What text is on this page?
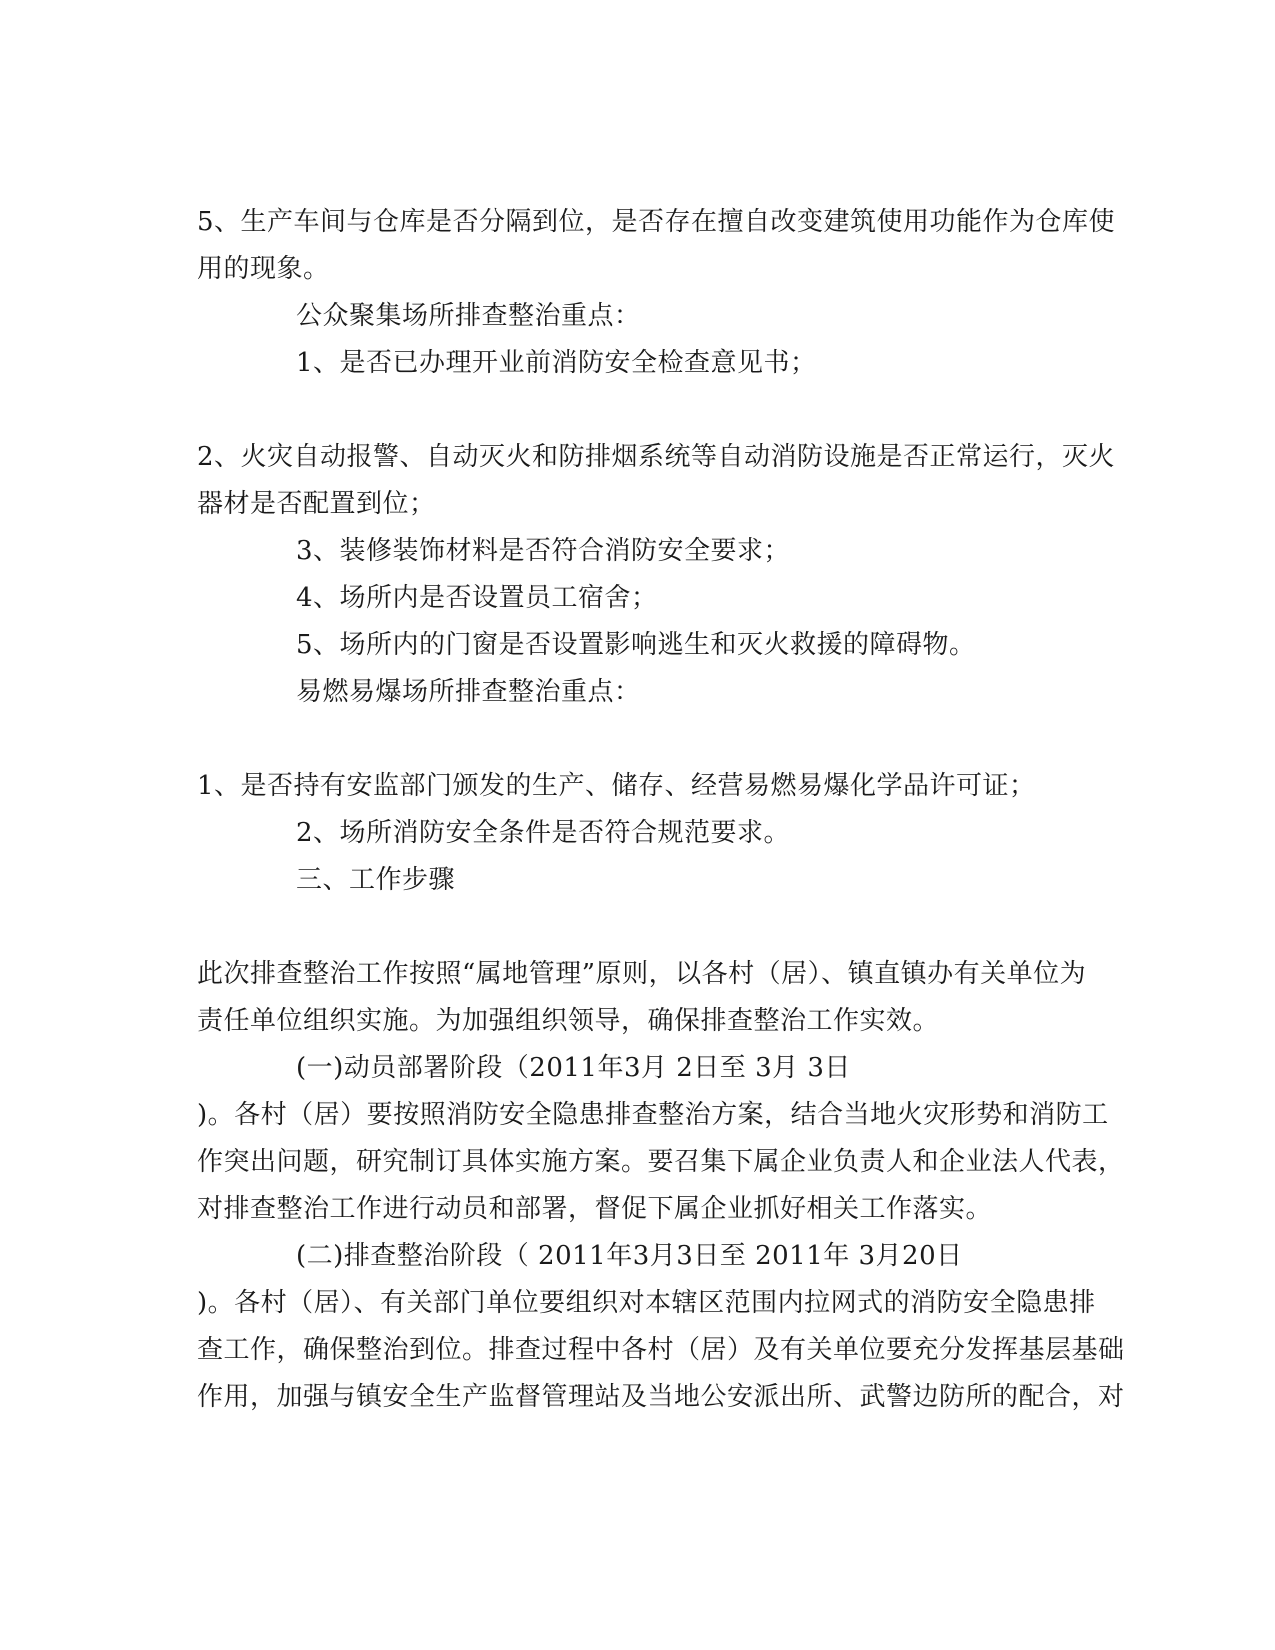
5、生产车间与仓库是否分隔到位，是否存在擅自改变建筑使用功能作为仓库使
用的现象。
公众聚集场所排查整治重点：
1、是否已办理开业前消防安全检查意见书；
2、火灾自动报警、自动灭火和防排烟系统等自动消防设施是否正常运行，灭火
器材是否配置到位；
3、装修装饰材料是否符合消防安全要求；
4、场所内是否设置员工宿舍；
5、场所内的门窗是否设置影响逃生和灭火救援的障碍物。
易燃易爆场所排查整治重点：
1、是否持有安监部门颁发的生产、储存、经营易燃易爆化学品许可证；
2、场所消防安全条件是否符合规范要求。
三、工作步骤
此次排查整治工作按照“属地管理”原则，以各村（居）、镇直镇办有关单位为
责任单位组织实施。为加强组织领导，确保排查整治工作实效。
(一)动员部署阶段（2011年3月 2日至 3月 3日
)。各村（居）要按照消防安全隐患排查整治方案，结合当地火灾形势和消防工
作突出问题，研究制订具体实施方案。要召集下属企业负责人和企业法人代表，
对排查整治工作进行动员和部署，督促下属企业抓好相关工作落实。
(二)排查整治阶段（ 2011年3月3日至 2011年 3月20日
)。各村（居）、有关部门单位要组织对本辖区范围内拉网式的消防安全隐患排
查工作，确保整治到位。排查过程中各村（居）及有关单位要充分发挥基层基础
作用，加强与镇安全生产监督管理站及当地公安派出所、武警边防所的配合，对
